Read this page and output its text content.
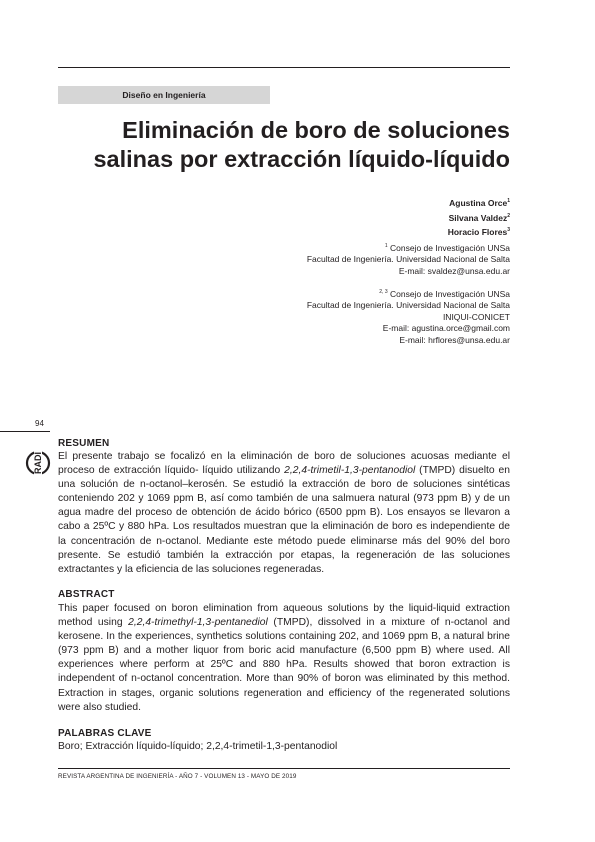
Diseño en Ingeniería
Eliminación de boro de soluciones
salinas por extracción líquido-líquido
Agustina Orce$^1$
Silvana Valdez$^2$
Horacio Flores$^3$
$^1$ Consejo de Investigación UNSa
Facultad de Ingeniería. Universidad Nacional de Salta
E-mail: svaldez@unsa.edu.ar
$^{2, 3}$ Consejo de Investigación UNSa
Facultad de Ingeniería. Universidad Nacional de Salta
INIQUI-CONICET
E-mail: agustina.orce@gmail.com
E-mail: hrflores@unsa.edu.ar
94
RADI
RESUMEN
El presente trabajo se focalizó en la eliminación de boro de soluciones acuosas mediante el proceso de extracción líquido- líquido utilizando 2,2,4-trimetil-1,3-pentanodiol (TMPD) disuelto en una solución de n-octanol–kerosén. Se estudió la extracción de boro de soluciones sintéticas conteniendo 202 y 1069 ppm B, así como también de una salmuera natural (973 ppm B) y de un agua madre del proceso de obtención de ácido bórico (6500 ppm B). Los ensayos se llevaron a cabo a 25ºC y 880 hPa. Los resultados muestran que la eliminación de boro es independiente de la concentración de n-octanol. Mediante este método puede eliminarse más del 90% del boro presente. Se estudió también la extracción por etapas, la regeneración de las soluciones extractantes y la eficiencia de las soluciones regeneradas.
ABSTRACT
This paper focused on boron elimination from aqueous solutions by the liquid-liquid extraction method using 2,2,4-trimethyl-1,3-pentanediol (TMPD), dissolved in a mixture of n-octanol and kerosene. In the experiences, synthetics solutions containing 202, and 1069 ppm B, a natural brine (973 ppm B) and a mother liquor from boric acid manufacture (6,500 ppm B) where used. All experiences where perform at 25ºC and 880 hPa. Results showed that boron extraction is independent of n-octanol concentration. More than 90% of boron was eliminated by this method. Extraction in stages, organic solutions regeneration and efficiency of the regenerated solutions were also studied.
PALABRAS CLAVE
Boro; Extracción líquido-líquido; 2,2,4-trimetil-1,3-pentanodiol
REVISTA ARGENTINA DE INGENIERÍA - AÑO 7 - VOLUMEN 13 - MAYO DE 2019
